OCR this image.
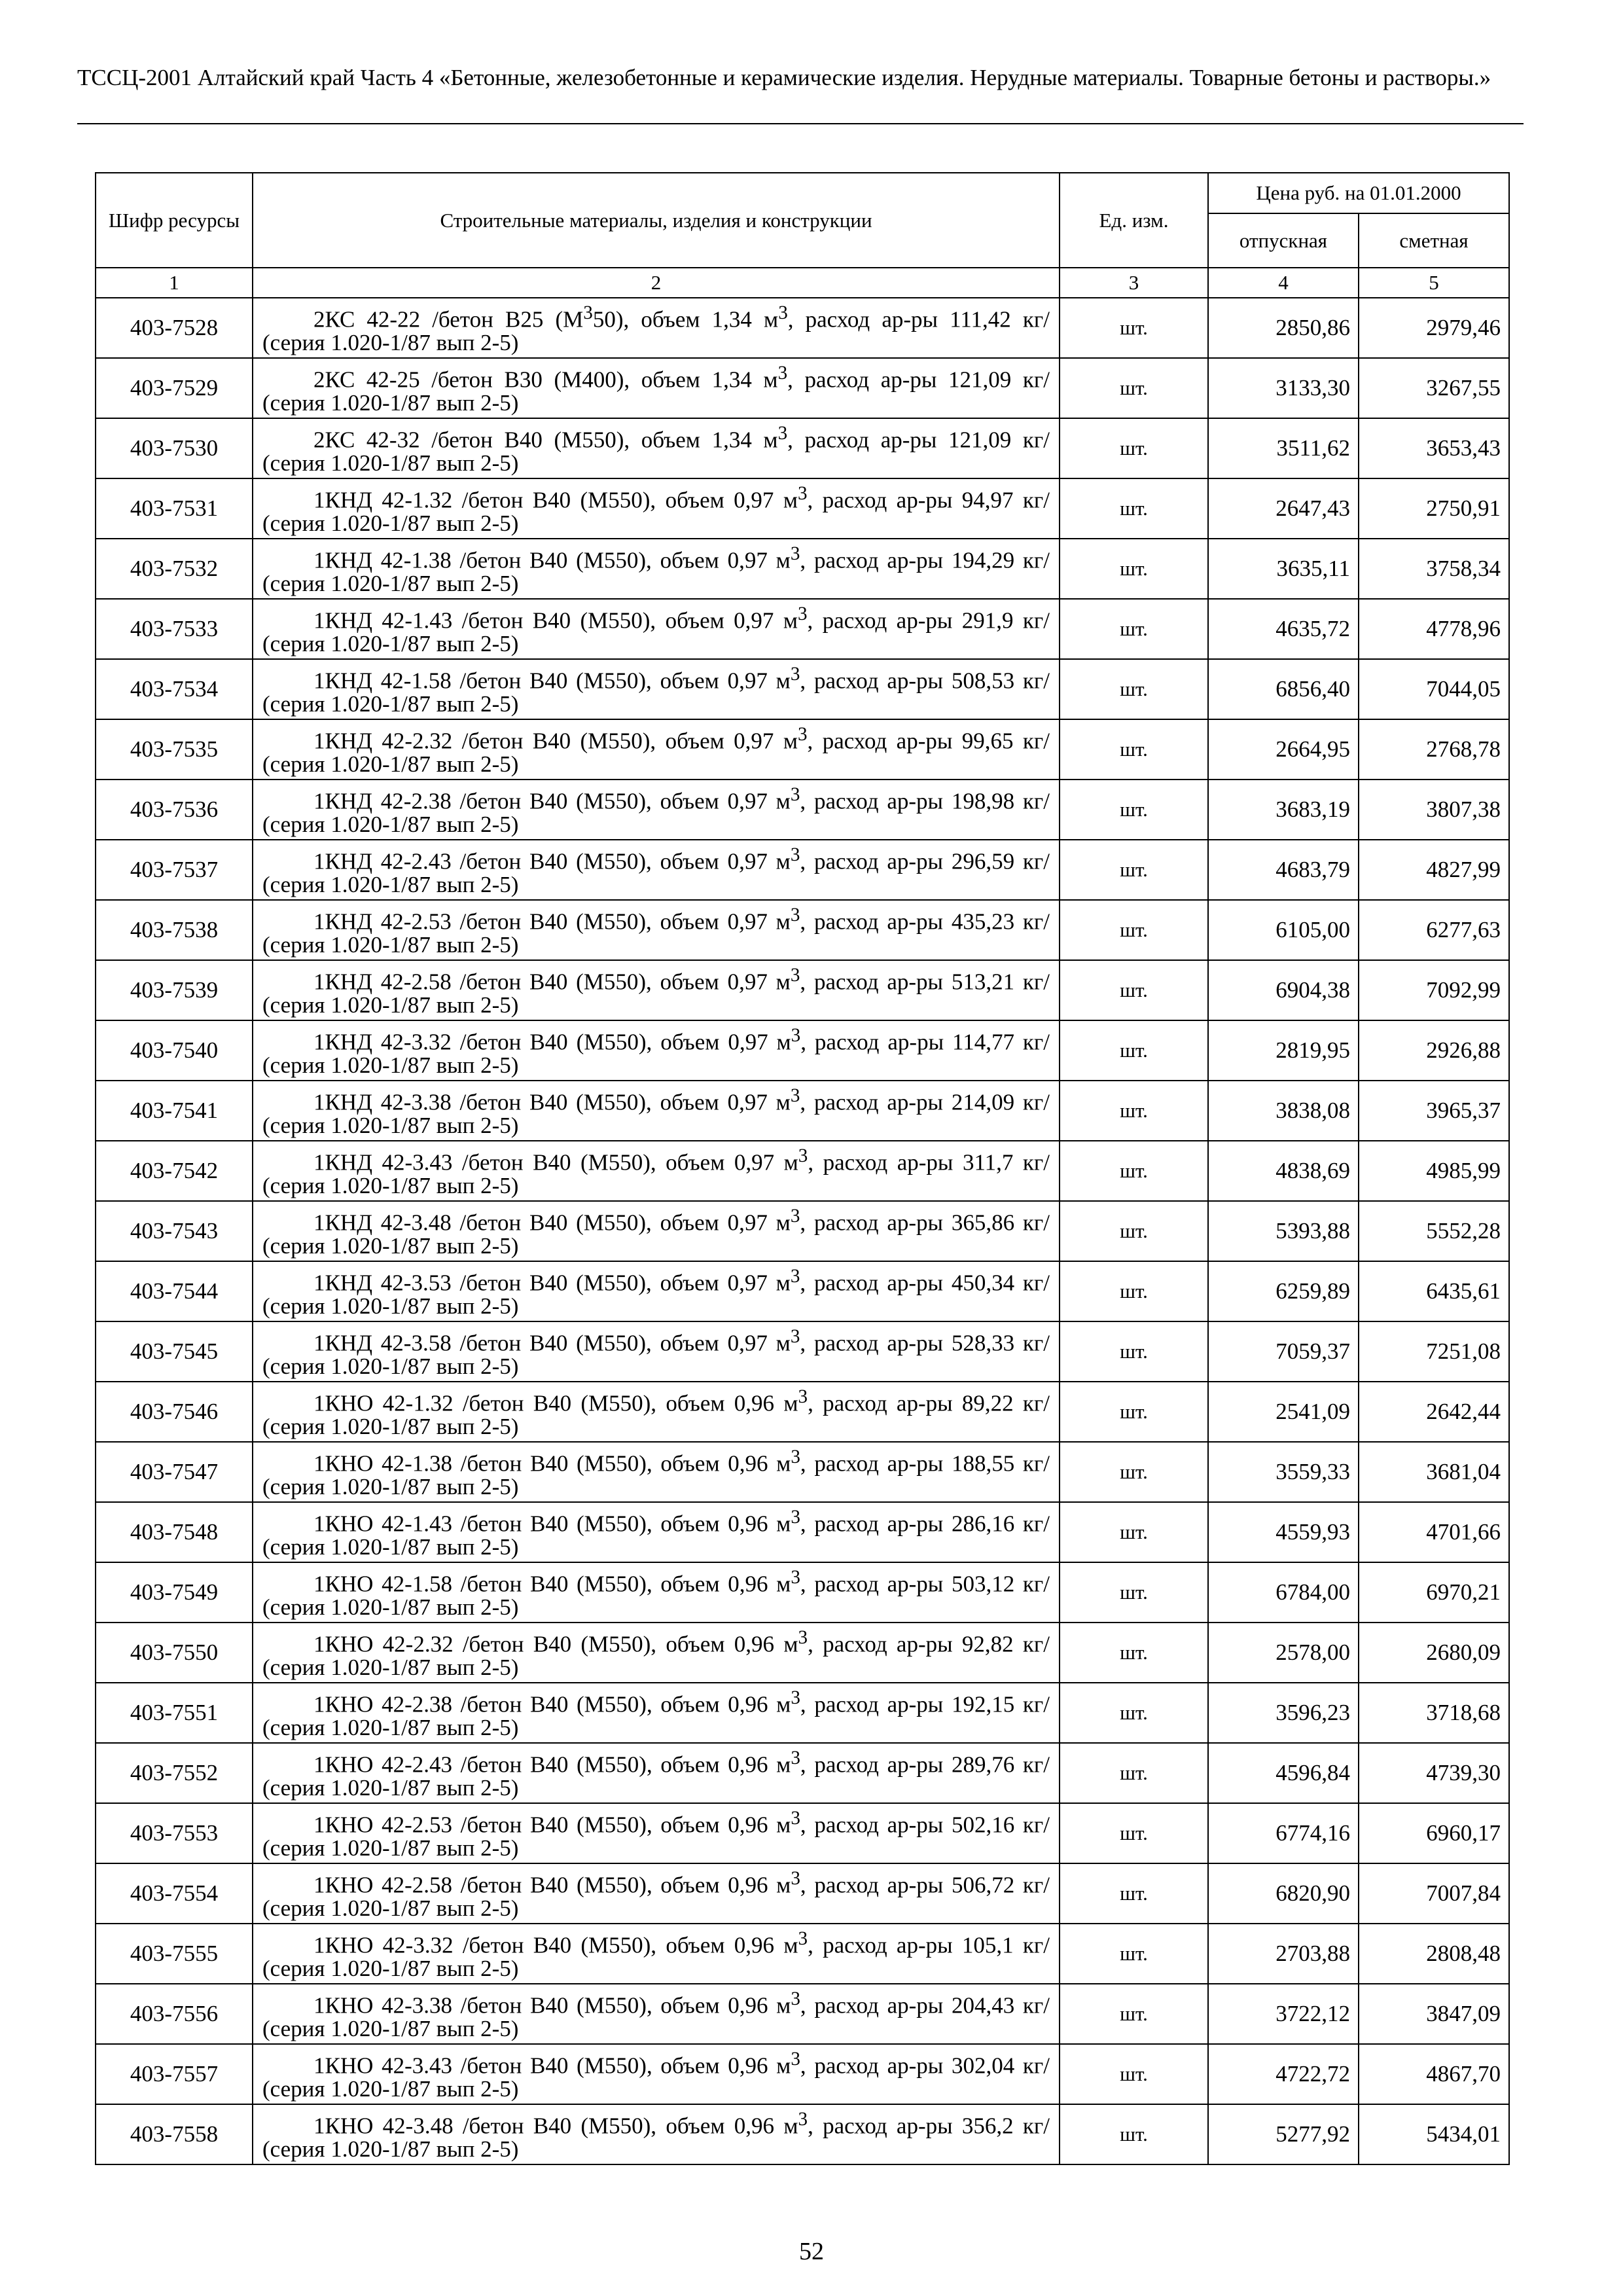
ТССЦ-2001 Алтайский край Часть 4 «Бетонные, железобетонные и керамические изделия. Нерудные материалы. Товарные бетоны и растворы.»
Шифр ресурсы	Строительные материалы, изделия и конструкции	Ед. изм.	Цена руб. на 01.01.2000	
			отпускная	сметная
1	2	3	4	5
403-7528	2КС 42-22 /бетон В25 $(М^350)$, объем 1,34 $м^3$, расход ар-ры 111,42 кг/ (серия 1.020-1/87 вып 2-5)	шт.	2850,86	2979,46
403-7529	2КС 42-25 /бетон В30 (М400), объем 1,34 $м^3$, расход ар-ры 121,09 кг/ (серия 1.020-1/87 вып 2-5)	шт.	3133,30	3267,55
403-7530	2КС 42-32 /бетон В40 (М550), объем 1,34 $м^3$, расход ар-ры 121,09 кг/ (серия 1.020-1/87 вып 2-5)	шт.	3511,62	3653,43
403-7531	1КНД 42-1.32 /бетон В40 (М550), объем 0,97 $м^3$, расход ар-ры 94,97 кг/ (серия 1.020-1/87 вып 2-5)	шт.	2647,43	2750,91
403-7532	1КНД 42-1.38 /бетон В40 (М550), объем 0,97 $м^3$, расход ар-ры 194,29 кг/ (серия 1.020-1/87 вып 2-5)	шт.	3635,11	3758,34
403-7533	1КНД 42-1.43 /бетон В40 (М550), объем 0,97 $м^3$, расход ар-ры 291,9 кг/ (серия 1.020-1/87 вып 2-5)	шт.	4635,72	4778,96
403-7534	1КНД 42-1.58 /бетон В40 (М550), объем 0,97 $м^3$, расход ар-ры 508,53 кг/ (серия 1.020-1/87 вып 2-5)	шт.	6856,40	7044,05
403-7535	1КНД 42-2.32 /бетон В40 (М550), объем 0,97 $м^3$, расход ар-ры 99,65 кг/ (серия 1.020-1/87 вып 2-5)	шт.	2664,95	2768,78
403-7536	1КНД 42-2.38 /бетон В40 (М550), объем 0,97 $м^3$, расход ар-ры 198,98 кг/ (серия 1.020-1/87 вып 2-5)	шт.	3683,19	3807,38
403-7537	1КНД 42-2.43 /бетон В40 (М550), объем 0,97 $м^3$, расход ар-ры 296,59 кг/ (серия 1.020-1/87 вып 2-5)	шт.	4683,79	4827,99
403-7538	1КНД 42-2.53 /бетон В40 (М550), объем 0,97 $м^3$, расход ар-ры 435,23 кг/ (серия 1.020-1/87 вып 2-5)	шт.	6105,00	6277,63
403-7539	1КНД 42-2.58 /бетон В40 (М550), объем 0,97 $м^3$, расход ар-ры 513,21 кг/ (серия 1.020-1/87 вып 2-5)	шт.	6904,38	7092,99
403-7540	1КНД 42-3.32 /бетон В40 (М550), объем 0,97 $м^3$, расход ар-ры 114,77 кг/ (серия 1.020-1/87 вып 2-5)	шт.	2819,95	2926,88
403-7541	1КНД 42-3.38 /бетон В40 (М550), объем 0,97 $м^3$, расход ар-ры 214,09 кг/ (серия 1.020-1/87 вып 2-5)	шт.	3838,08	3965,37
403-7542	1КНД 42-3.43 /бетон В40 (М550), объем 0,97 $м^3$, расход ар-ры 311,7 кг/ (серия 1.020-1/87 вып 2-5)	шт.	4838,69	4985,99
403-7543	1КНД 42-3.48 /бетон В40 (М550), объем 0,97 $м^3$, расход ар-ры 365,86 кг/ (серия 1.020-1/87 вып 2-5)	шт.	5393,88	5552,28
403-7544	1КНД 42-3.53 /бетон В40 (М550), объем 0,97 $м^3$, расход ар-ры 450,34 кг/ (серия 1.020-1/87 вып 2-5)	шт.	6259,89	6435,61
403-7545	1КНД 42-3.58 /бетон В40 (М550), объем 0,97 $м^3$, расход ар-ры 528,33 кг/ (серия 1.020-1/87 вып 2-5)	шт.	7059,37	7251,08
403-7546	1КНО 42-1.32 /бетон В40 (М550), объем 0,96 $м^3$, расход ар-ры 89,22 кг/ (серия 1.020-1/87 вып 2-5)	шт.	2541,09	2642,44
403-7547	1КНО 42-1.38 /бетон В40 (М550), объем 0,96 $м^3$, расход ар-ры 188,55 кг/ (серия 1.020-1/87 вып 2-5)	шт.	3559,33	3681,04
403-7548	1КНО 42-1.43 /бетон В40 (М550), объем 0,96 $м^3$, расход ар-ры 286,16 кг/ (серия 1.020-1/87 вып 2-5)	шт.	4559,93	4701,66
403-7549	1КНО 42-1.58 /бетон В40 (М550), объем 0,96 $м^3$, расход ар-ры 503,12 кг/ (серия 1.020-1/87 вып 2-5)	шт.	6784,00	6970,21
403-7550	1КНО 42-2.32 /бетон В40 (М550), объем 0,96 $м^3$, расход ар-ры 92,82 кг/ (серия 1.020-1/87 вып 2-5)	шт.	2578,00	2680,09
403-7551	1КНО 42-2.38 /бетон В40 (М550), объем 0,96 $м^3$, расход ар-ры 192,15 кг/ (серия 1.020-1/87 вып 2-5)	шт.	3596,23	3718,68
403-7552	1КНО 42-2.43 /бетон В40 (М550), объем 0,96 $м^3$, расход ар-ры 289,76 кг/ (серия 1.020-1/87 вып 2-5)	шт.	4596,84	4739,30
403-7553	1КНО 42-2.53 /бетон В40 (М550), объем 0,96 $м^3$, расход ар-ры 502,16 кг/ (серия 1.020-1/87 вып 2-5)	шт.	6774,16	6960,17
403-7554	1КНО 42-2.58 /бетон В40 (М550), объем 0,96 $м^3$, расход ар-ры 506,72 кг/ (серия 1.020-1/87 вып 2-5)	шт.	6820,90	7007,84
403-7555	1КНО 42-3.32 /бетон В40 (М550), объем 0,96 $м^3$, расход ар-ры 105,1 кг/ (серия 1.020-1/87 вып 2-5)	шт.	2703,88	2808,48
403-7556	1КНО 42-3.38 /бетон В40 (М550), объем 0,96 $м^3$, расход ар-ры 204,43 кг/ (серия 1.020-1/87 вып 2-5)	шт.	3722,12	3847,09
403-7557	1КНО 42-3.43 /бетон В40 (М550), объем 0,96 $м^3$, расход ар-ры 302,04 кг/ (серия 1.020-1/87 вып 2-5)	шт.	4722,72	4867,70
403-7558	1КНО 42-3.48 /бетон В40 (М550), объем 0,96 $м^3$, расход ар-ры 356,2 кг/ (серия 1.020-1/87 вып 2-5)	шт.	5277,92	5434,01
52
